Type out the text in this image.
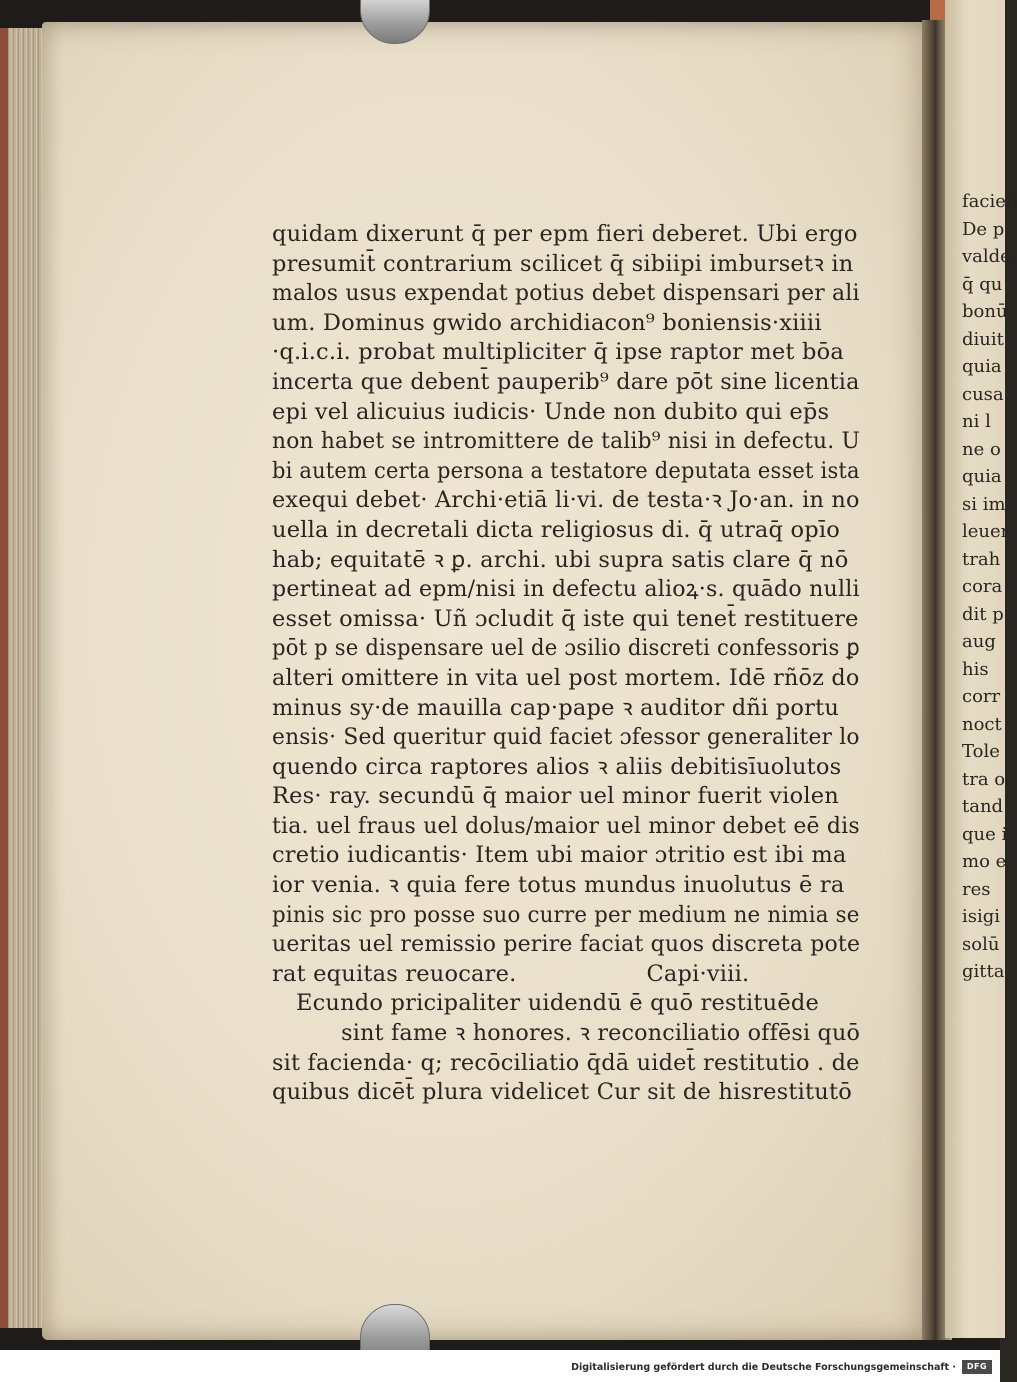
quidam dixerunt q̄ per epm fieri deberet. Ubi ergo
presumit̄ contrarium scilicet q̄ sibi̇ipi imbursetꝛ in
malos usus expendat potius debet dispensari per ali
um. Dominus gwido archidiacon⁹ boniensis·xiiii
·q.i.c.i. probat multipliciter q̄ ipse raptor met bōa
incerta que debent̄ pauperib⁹ dare pōt sine licentia
epi vel alicuius iudicis· Unde non dubito qui ep̄s
non habet se intromittere de talib⁹ nisi in defectu. U
bi autem certa persona a testatore deputata esset ista
exequi debet· Archi·etiā li·vi. de testa·ꝛ Jo·an. in no
uella in decretali dicta religiosus di. q̄ utraq̄ opīo
hab; equitatē ꝛ ꝑ. archi. ubi supra satis clare q̄ nō
pertineat ad epm/nisi in defectu alioꝝ·s. quādo nulli
esset omissa· Uñ ɔcludit q̄ iste qui tenet̄ restituere
pōt p se dispensare uel de ɔsilio discreti confessoris ꝑ
alteri omittere in vita uel post mortem. Idē rñōz do
minus sy·de mauilla cap·pape ꝛ auditor dñi portu
ensis· Sed queritur quid faciet ɔfessor generaliter lo
quendo circa raptores alios ꝛ aliis debitisīuolutos
Res· ray. secundū q̄ maior uel minor fuerit violen
tia. uel fraus uel dolus/maior uel minor debet eē dis
cretio iudicantis· Item ubi maior ɔtritio est ibi ma
ior venia. ꝛ quia fere totus mundus inuolutus ē ra
pinis sic pro posse suo curre per medium ne nimia se
ueritas uel remissio perire faciat quos discreta pote
rat equitas reuocare.	Capi·viii.
Ecundo pricipaliter uidendū ē quō restituēde
sint fame ꝛ honores. ꝛ reconciliatio offēsi quō
sit facienda· q; recōciliatio q̄dā uidet̄ restitutio . de
quibus dicēt̄ plura videlicet Cur sit de hisrestitutō
facien
De p
valde
q̄ qu
bonū
diuit
quia
cusa
ni l
ne o
quia
si im
leuer
trah
cora
dit p
aug
his
corr
noct
Tole
tra o
tand
que i
mo e
res
isigi
solū
gitta
Digitalisierung gefördert durch die Deutsche Forschungsgemeinschaft ·	DFG
